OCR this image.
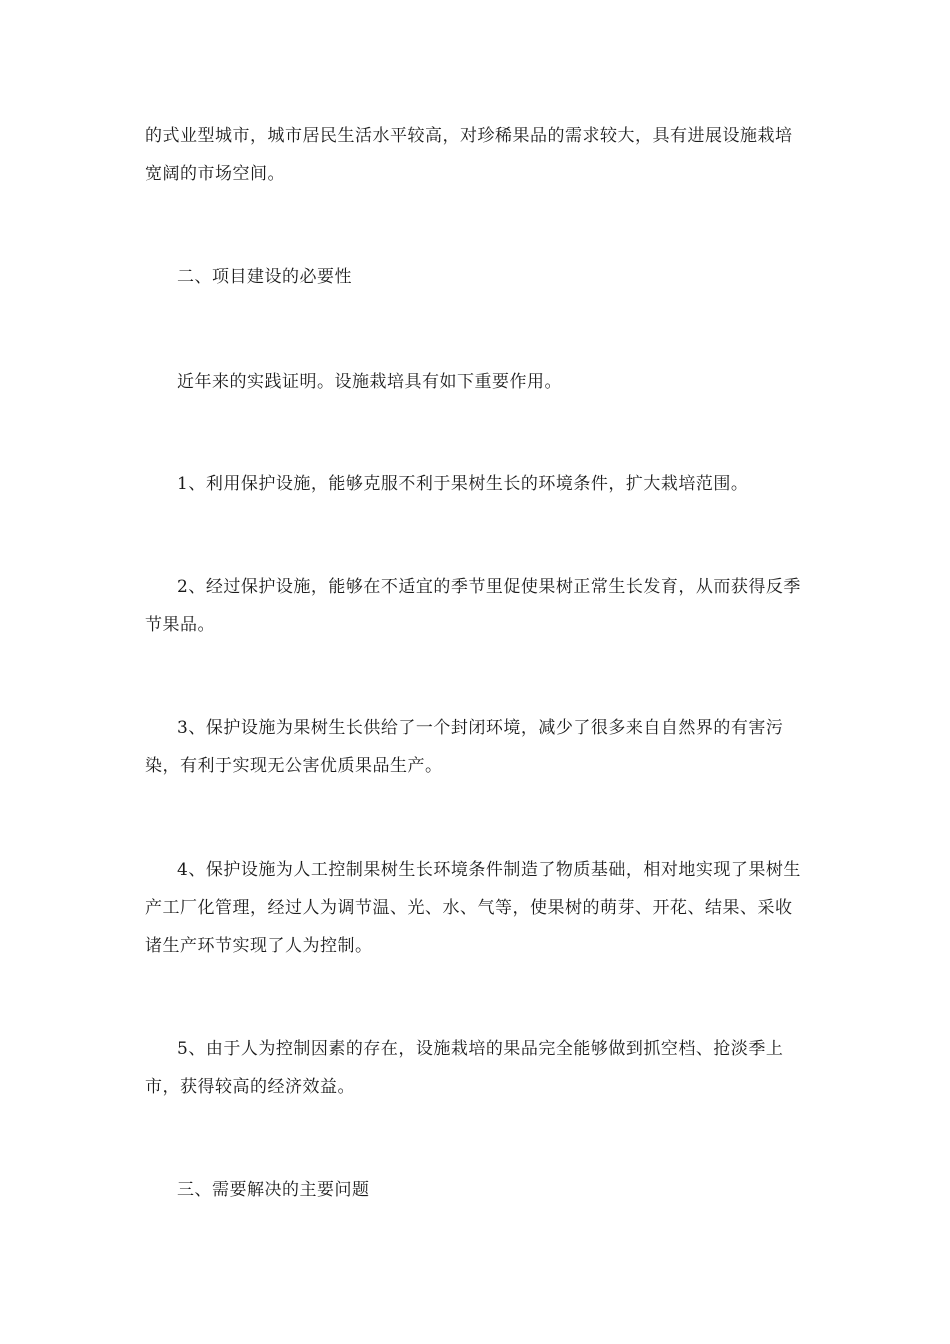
的式业型城市，城市居民生活水平较高，对珍稀果品的需求较大，具有进展设施栽培宽阔的市场空间。

二、项目建设的必要性

近年来的实践证明。设施栽培具有如下重要作用。

1、利用保护设施，能够克服不利于果树生长的环境条件，扩大栽培范围。

2、经过保护设施，能够在不适宜的季节里促使果树正常生长发育，从而获得反季节果品。

3、保护设施为果树生长供给了一个封闭环境，减少了很多来自自然界的有害污染，有利于实现无公害优质果品生产。

4、保护设施为人工控制果树生长环境条件制造了物质基础，相对地实现了果树生产工厂化管理，经过人为调节温、光、水、气等，使果树的萌芽、开花、结果、采收诸生产环节实现了人为控制。

5、由于人为控制因素的存在，设施栽培的果品完全能够做到抓空档、抢淡季上市，获得较高的经济效益。

三、需要解决的主要问题
